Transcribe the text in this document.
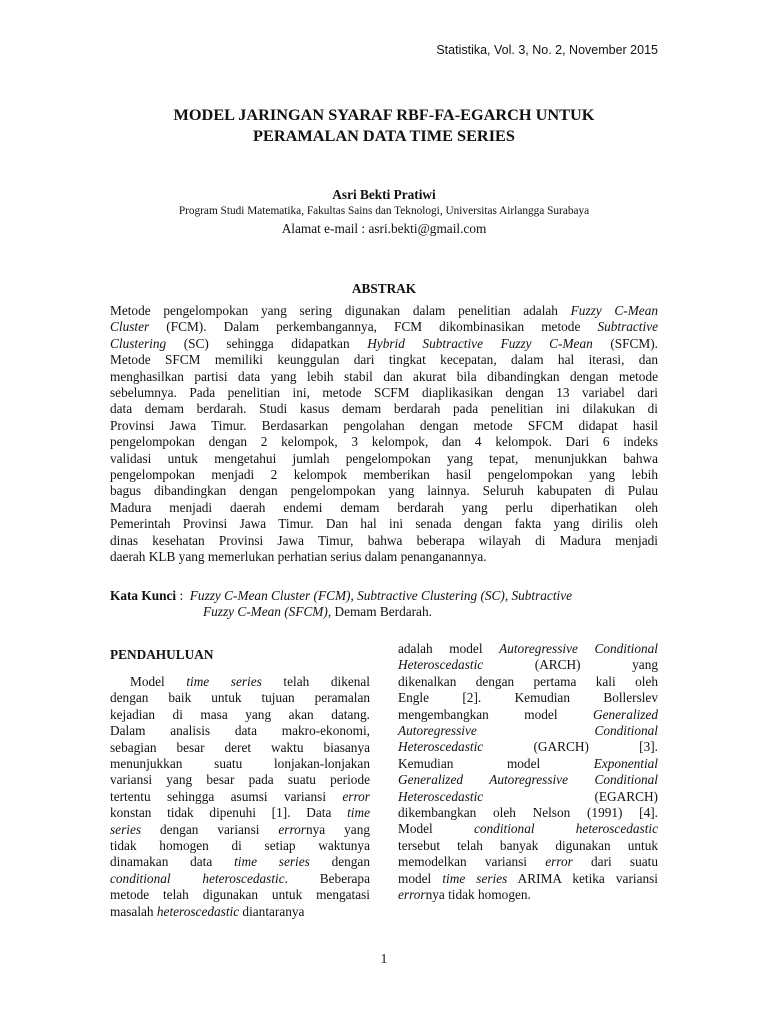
Statistika, Vol. 3, No. 2, November 2015
MODEL JARINGAN SYARAF RBF-FA-EGARCH UNTUK
PERAMALAN DATA TIME SERIES
Asri Bekti Pratiwi
Program Studi Matematika, Fakultas Sains dan Teknologi, Universitas Airlangga Surabaya
Alamat e-mail : asri.bekti@gmail.com
ABSTRAK
Metode pengelompokan yang sering digunakan dalam penelitian adalah Fuzzy C-Mean
Cluster (FCM). Dalam perkembangannya, FCM dikombinasikan metode Subtractive
Clustering (SC) sehingga didapatkan Hybrid Subtractive Fuzzy C-Mean (SFCM).
Metode SFCM memiliki keunggulan dari tingkat kecepatan, dalam hal iterasi, dan
menghasilkan partisi data yang lebih stabil dan akurat bila dibandingkan dengan metode
sebelumnya. Pada penelitian ini, metode SCFM diaplikasikan dengan 13 variabel dari
data demam berdarah. Studi kasus demam berdarah pada penelitian ini dilakukan di
Provinsi Jawa Timur. Berdasarkan pengolahan dengan metode SFCM didapat hasil
pengelompokan dengan 2 kelompok, 3 kelompok, dan 4 kelompok. Dari 6 indeks
validasi untuk mengetahui jumlah pengelompokan yang tepat, menunjukkan bahwa
pengelompokan menjadi 2 kelompok memberikan hasil pengelompokan yang lebih
bagus dibandingkan dengan pengelompokan yang lainnya. Seluruh kabupaten di Pulau
Madura menjadi daerah endemi demam berdarah yang perlu diperhatikan oleh
Pemerintah Provinsi Jawa Timur. Dan hal ini senada dengan fakta yang dirilis oleh
dinas kesehatan Provinsi Jawa Timur, bahwa beberapa wilayah di Madura menjadi
daerah KLB yang memerlukan perhatian serius dalam penanganannya.
Kata Kunci :  Fuzzy C-Mean Cluster (FCM), Subtractive Clustering (SC), Subtractive
Fuzzy C-Mean (SFCM), Demam Berdarah.
PENDAHULUAN
Model time series telah dikenal
dengan baik untuk tujuan peramalan
kejadian di masa yang akan datang.
Dalam analisis data makro-ekonomi,
sebagian besar deret waktu biasanya
menunjukkan suatu lonjakan-lonjakan
variansi yang besar pada suatu periode
tertentu sehingga asumsi variansi error
konstan tidak dipenuhi [1]. Data time
series dengan variansi errornya yang
tidak homogen di setiap waktunya
dinamakan data time series dengan
conditional heteroscedastic. Beberapa
metode telah digunakan untuk mengatasi
masalah heteroscedastic diantaranya
adalah model Autoregressive Conditional
Heteroscedastic (ARCH) yang
dikenalkan dengan pertama kali oleh
Engle [2]. Kemudian Bollerslev
mengembangkan model Generalized
Autoregressive Conditional
Heteroscedastic (GARCH) [3].
Kemudian model Exponential
Generalized Autoregressive Conditional
Heteroscedastic (EGARCH)
dikembangkan oleh Nelson (1991) [4].
Model conditional heteroscedastic
tersebut telah banyak digunakan untuk
memodelkan variansi error dari suatu
model time series ARIMA ketika variansi
errornya tidak homogen.
1
